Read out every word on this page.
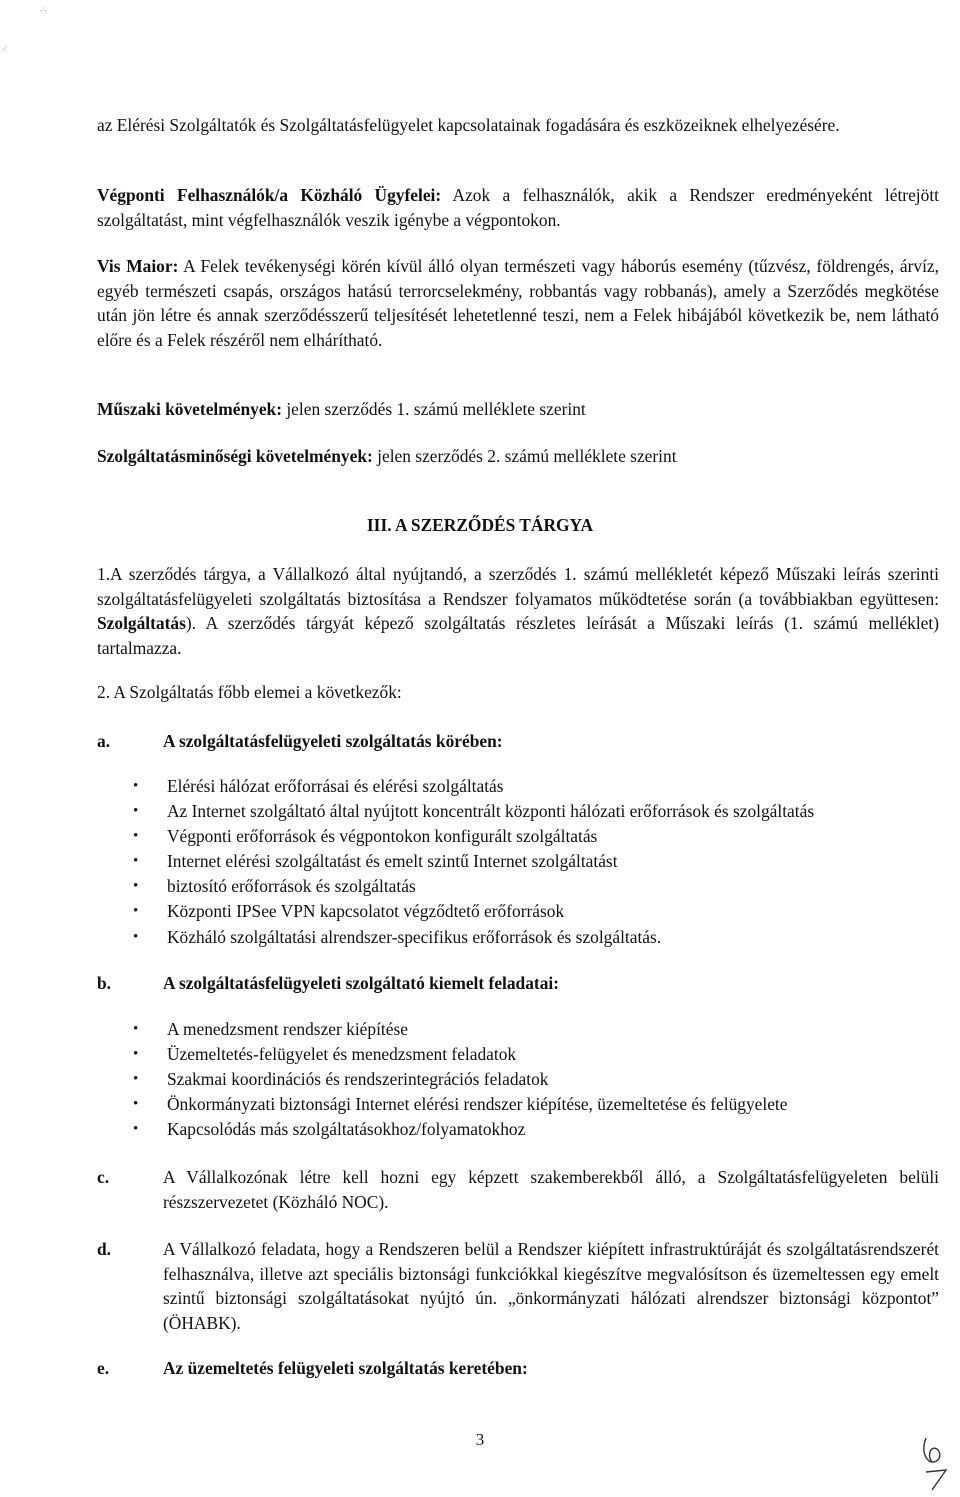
.·.
⁄

az Elérési Szolgáltatók és Szolgáltatásfelügyelet kapcsolatainak fogadására és eszközeiknek elhelyezésére.

Végponti Felhasználók/a Közháló Ügyfelei: Azok a felhasználók, akik a Rendszer eredményeként létrejött szolgáltatást, mint végfelhasználók veszik igénybe a végpontokon.

Vis Maior: A Felek tevékenységi körén kívül álló olyan természeti vagy háborús esemény (tűzvész, földrengés, árvíz, egyéb természeti csapás, országos hatású terrorcselekmény, robbantás vagy robbanás), amely a Szerződés megkötése után jön létre és annak szerződésszerű teljesítését lehetetlenné teszi, nem a Felek hibájából következik be, nem látható előre és a Felek részéről nem elhárítható.

Műszaki követelmények: jelen szerződés 1. számú melléklete szerint

Szolgáltatásminőségi követelmények: jelen szerződés 2. számú melléklete szerint

III. A SZERZŐDÉS TÁRGYA

1.A szerződés tárgya, a Vállalkozó által nyújtandó, a szerződés 1. számú mellékletét képező Műszaki leírás szerinti szolgáltatásfelügyeleti szolgáltatás biztosítása a Rendszer folyamatos működtetése során (a továbbiakban együttesen: Szolgáltatás). A szerződés tárgyát képező szolgáltatás részletes leírását a Műszaki leírás (1. számú melléklet) tartalmazza.

2. A Szolgáltatás főbb elemei a következők:

a.	A szolgáltatásfelügyeleti szolgáltatás körében:
• Elérési hálózat erőforrásai és elérési szolgáltatás
• Az Internet szolgáltató által nyújtott koncentrált központi hálózati erőforrások és szolgáltatás
• Végponti erőforrások és végpontokon konfigurált szolgáltatás
• Internet elérési szolgáltatást és emelt szintű Internet szolgáltatást
• biztosító erőforrások és szolgáltatás
• Központi IPSee VPN kapcsolatot végződtető erőforrások
• Közháló szolgáltatási alrendszer-specifikus erőforrások és szolgáltatás.
b.	A szolgáltatásfelügyeleti szolgáltató kiemelt feladatai:
• A menedzsment rendszer kiépítése
• Üzemeltetés-felügyelet és menedzsment feladatok
• Szakmai koordinációs és rendszerintegrációs feladatok
• Önkormányzati biztonsági Internet elérési rendszer kiépítése, üzemeltetése és felügyelete
• Kapcsolódás más szolgáltatásokhoz/folyamatokhoz
c.	A Vállalkozónak létre kell hozni egy képzett szakemberekből álló, a Szolgáltatásfelügyeleten belüli részszervezetet (Közháló NOC).

d.	A Vállalkozó feladata, hogy a Rendszeren belül a Rendszer kiépített infrastruktúráját és szolgáltatásrendszerét felhasználva, illetve azt speciális biztonsági funkciókkal kiegészítve megvalósítson és üzemeltessen egy emelt szintű biztonsági szolgáltatásokat nyújtó ún. „önkormányzati hálózati alrendszer biztonsági központot” (ÖHABK).

e.	Az üzemeltetés felügyeleti szolgáltatás keretében:
3
